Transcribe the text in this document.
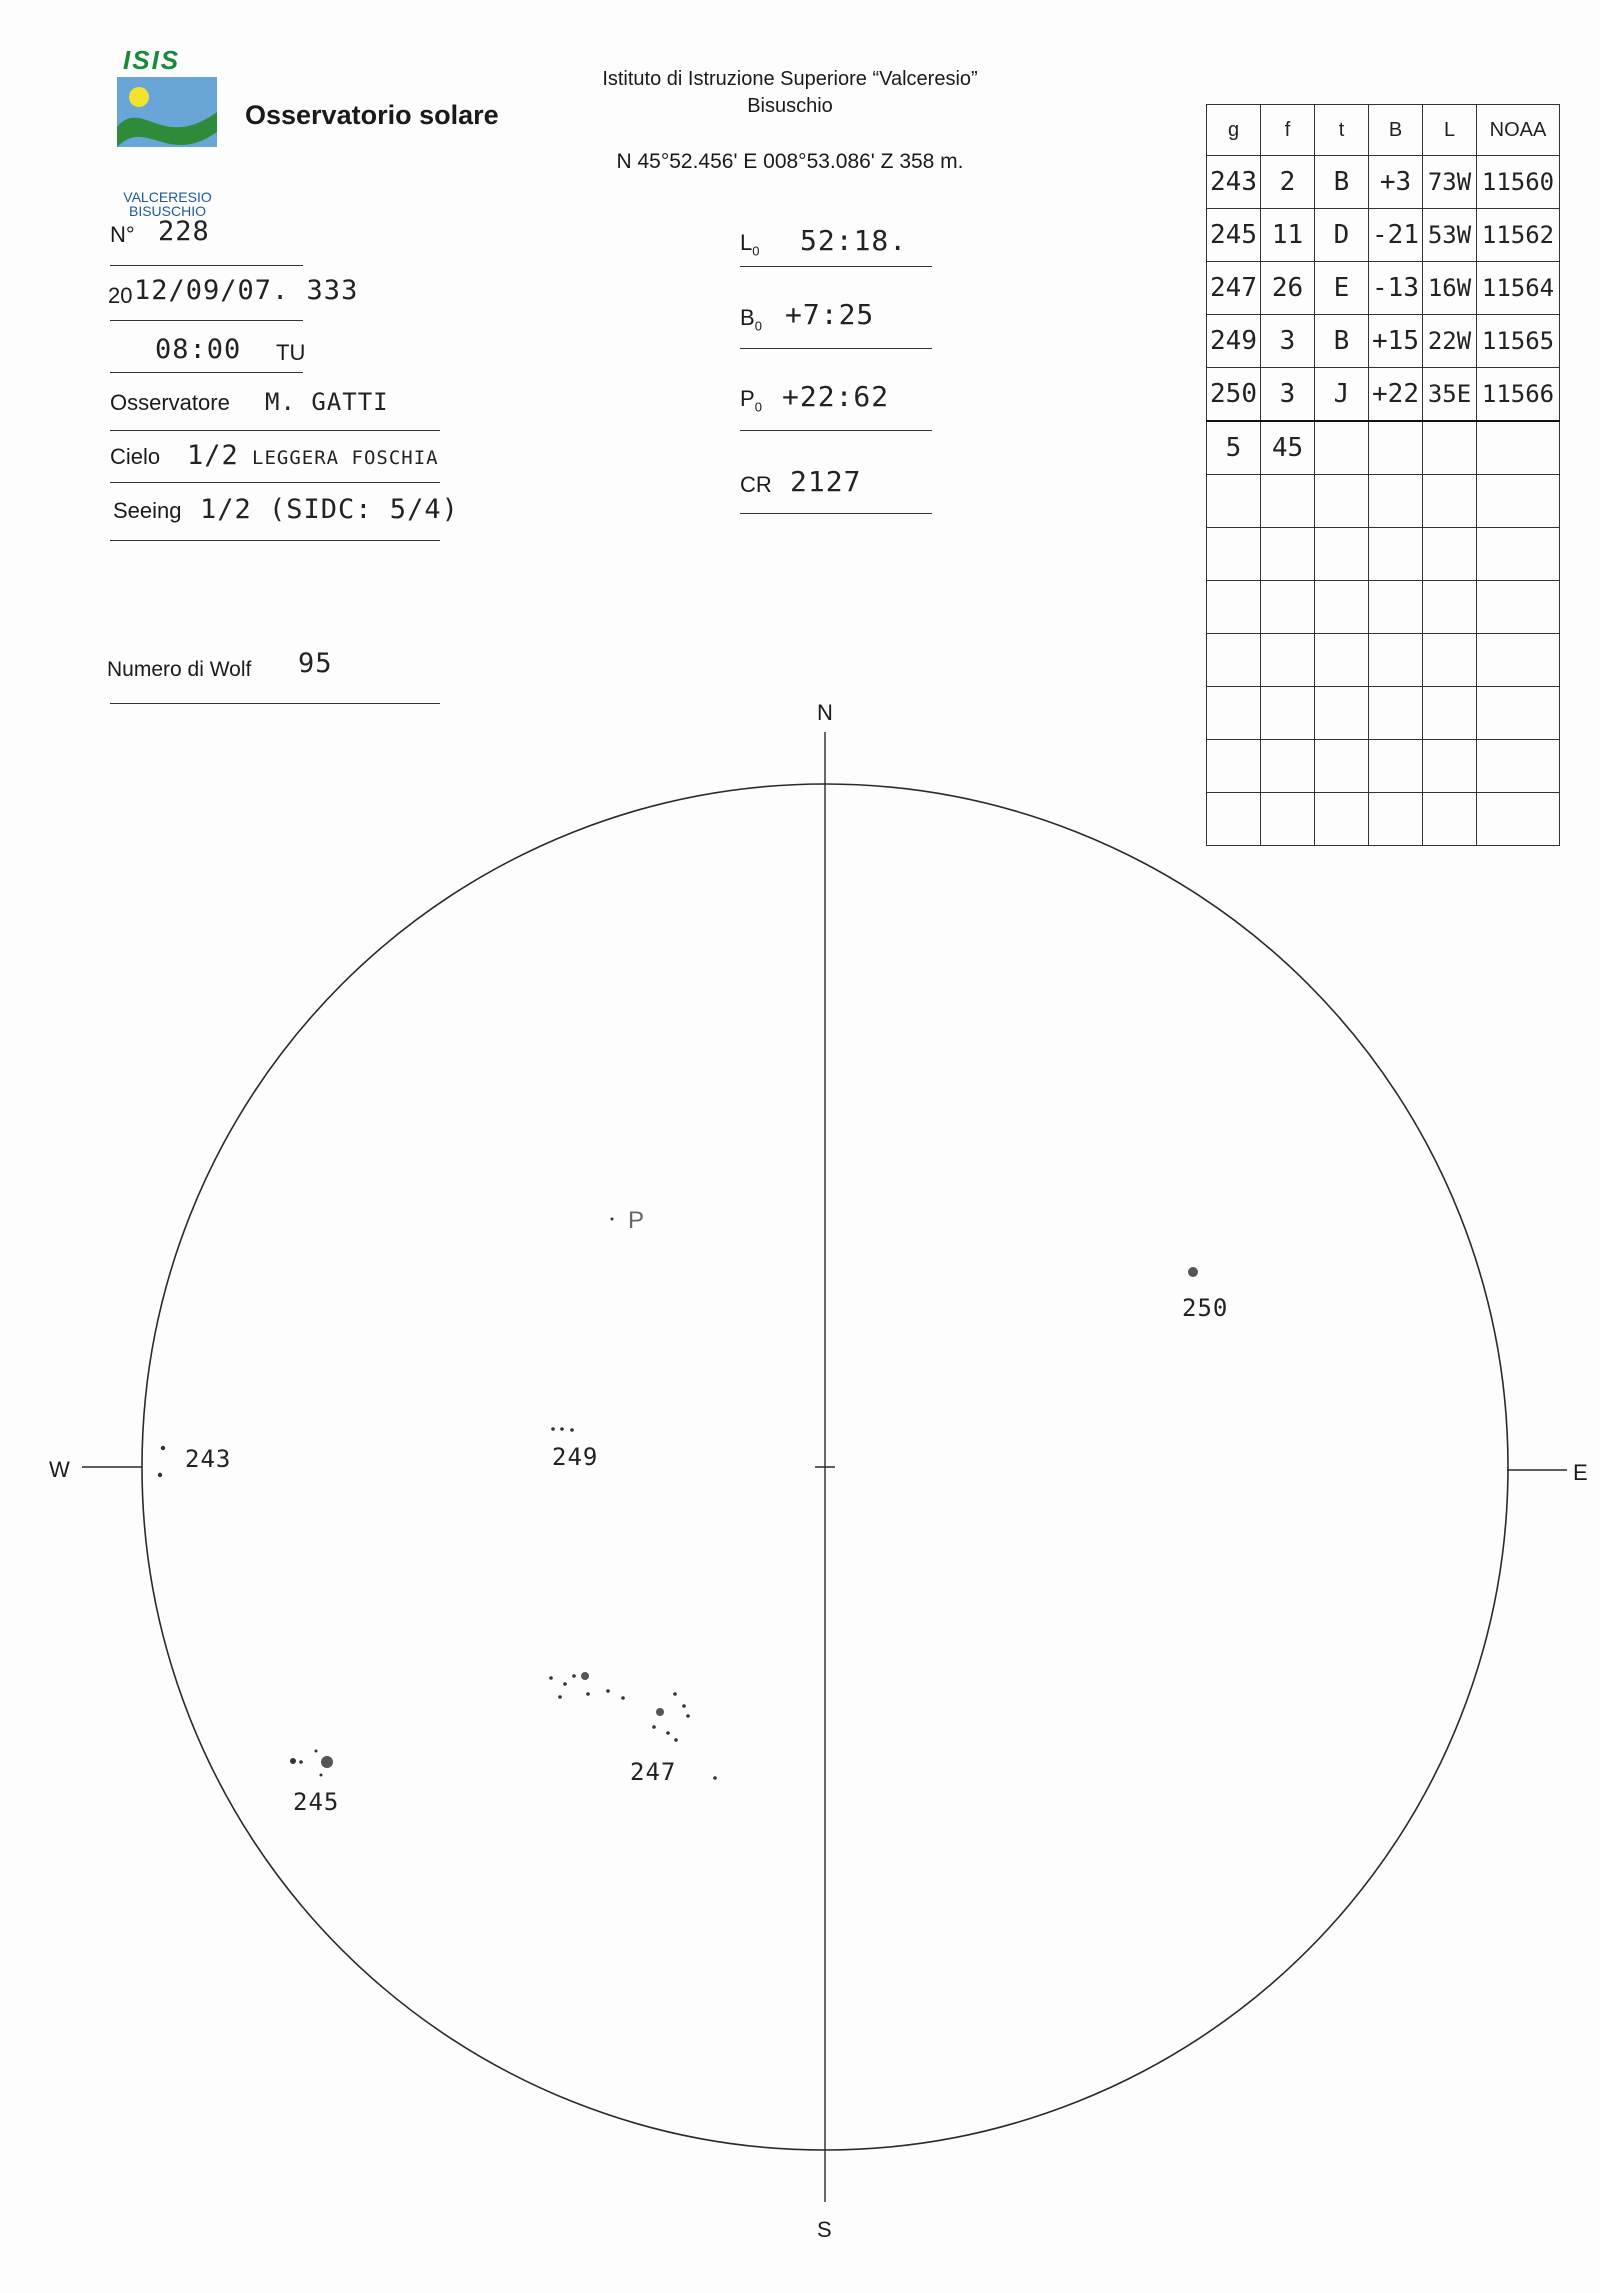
ISIS
VALCERESIO
BISUSCHIO
Osservatorio solare
Istituto di Istruzione Superiore “Valceresio”
Bisuschio
N 45°52.456' E 008°53.086' Z 358 m.
N° 228
20 12/09/07. 333
08:00 TU
Osservatore M. GATTI
Cielo 1/2 LEGGERA FOSCHIA
Seeing 1/2 (SIDC: 5/4)
Numero di Wolf 95
$L_0$ 52:18.
$B_0$ +7:25
$P_0$ +22:62
CR 2127
g	f	t	B	L	NOAA
243	2	B	+3	73W	11560
245	11	D	-21	53W	11562
247	26	E	-13	16W	11564
249	3	B	+15	22W	11565
250	3	J	+22	35E	11566
5	45				

N
S
W	E
P
243	249
250
245
247
